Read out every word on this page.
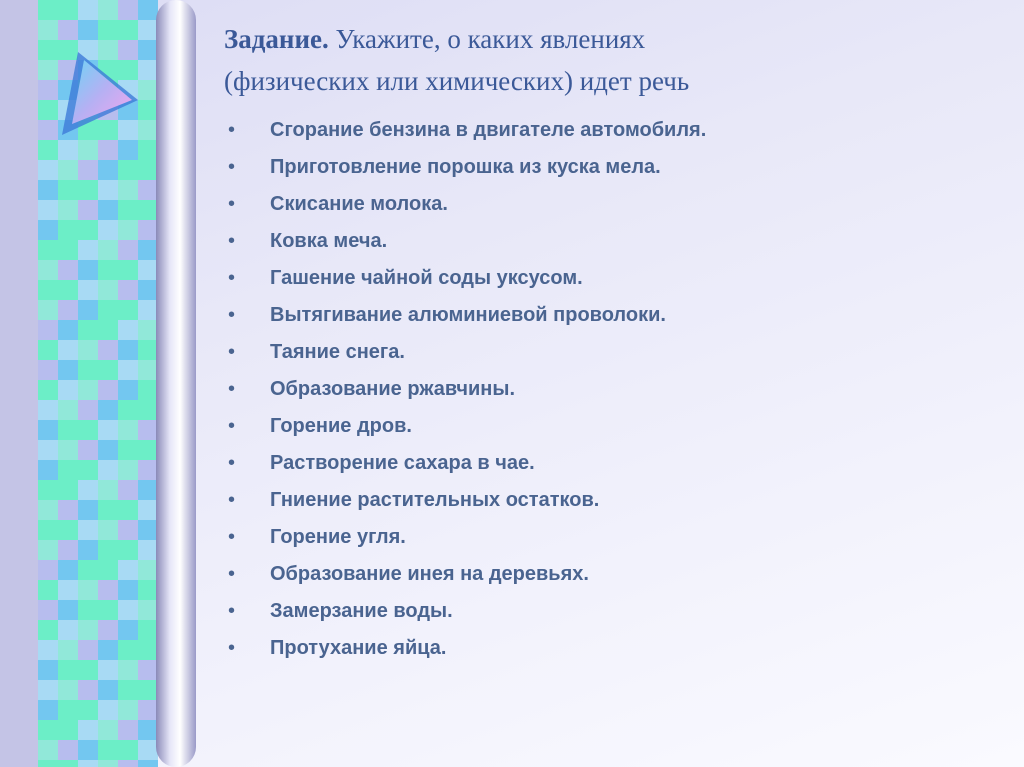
Задание. Укажите, о каких явлениях
(физических или химических) идет речь
• Сгорание бензина в двигателе автомобиля.
• Приготовление порошка из куска мела.
• Скисание молока.
• Ковка меча.
• Гашение чайной соды уксусом.
• Вытягивание алюминиевой проволоки.
• Таяние снега.
• Образование ржавчины.
• Горение дров.
• Растворение сахара в чае.
• Гниение растительных остатков.
• Горение угля.
• Образование инея на деревьях.
• Замерзание воды.
• Протухание яйца.
